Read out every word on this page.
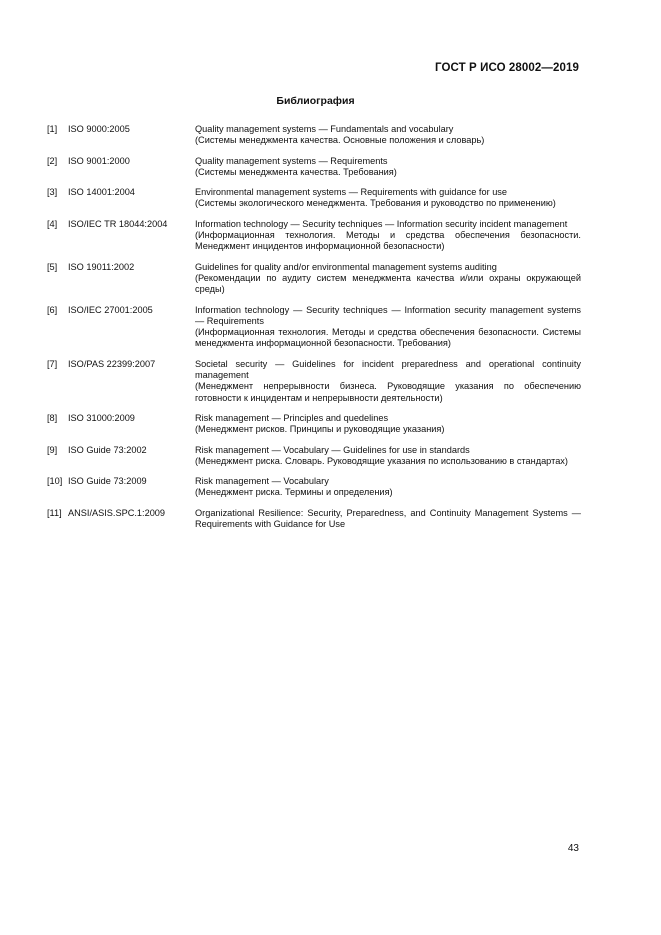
ГОСТ Р ИСО 28002—2019
Библиография
[1] ISO 9000:2005	Quality management systems — Fundamentals and vocabulary
(Системы менеджмента качества. Основные положения и словарь)
[2] ISO 9001:2000	Quality management systems — Requirements
(Системы менеджмента качества. Требования)
[3] ISO 14001:2004	Environmental management systems — Requirements with guidance for use
(Системы экологического менеджмента. Требования и руководство по применению)
[4] ISO/IEC TR 18044:2004	Information technology — Security techniques — Information security incident management
(Информационная технология. Методы и средства обеспечения безопасности. Менеджмент инцидентов информационной безопасности)
[5] ISO 19011:2002	Guidelines for quality and/or environmental management systems auditing
(Рекомендации по аудиту систем менеджмента качества и/или охраны окружающей среды)
[6] ISO/IEC 27001:2005	Information technology — Security techniques — Information security management systems — Requirements
(Информационная технология. Методы и средства обеспечения безопасности. Системы менеджмента информационной безопасности. Требования)
[7] ISO/PAS 22399:2007	Societal security — Guidelines for incident preparedness and operational continuity management
(Менеджмент непрерывности бизнеса. Руководящие указания по обеспечению готовности к инцидентам и непрерывности деятельности)
[8] ISO 31000:2009	Risk management — Principles and quedelines
(Менеджмент рисков. Принципы и руководящие указания)
[9] ISO Guide 73:2002	Risk management — Vocabulary — Guidelines for use in standards
(Менеджмент риска. Словарь. Руководящие указания по использованию в стандартах)
[10] ISO Guide 73:2009	Risk management — Vocabulary
(Менеджмент риска. Термины и определения)
[11] ANSI/ASIS.SPC.1:2009	Organizational Resilience: Security, Preparedness, and Continuity Management Systems — Requirements with Guidance for Use
43
